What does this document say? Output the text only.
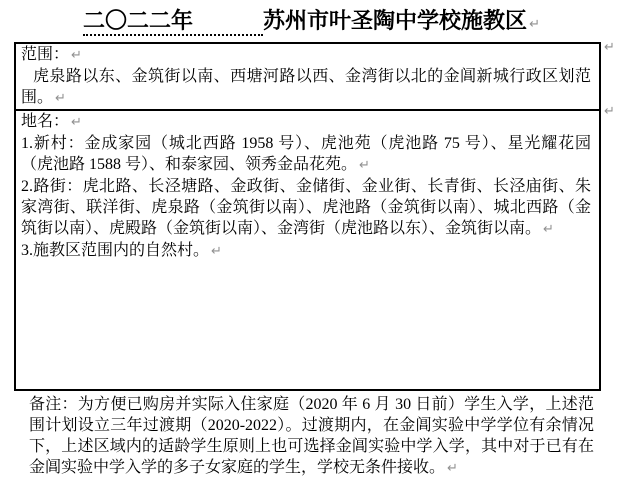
二〇二二年	苏州市叶圣陶中学校施教区 ↵

范围： ↵

虎泉路以东、金筑街以南、西塘河路以西、金湾街以北的金阊新城行政区划范围。 ↵

地名： ↵

1.新村：金成家园（城北西路 1958 号）、虎池苑（虎池路 75 号）、星光耀花园（虎池路 1588 号）、和泰家园、领秀金品花苑。 ↵

2.路街：虎北路、长泾塘路、金政街、金储街、金业街、长青街、长泾庙街、朱家湾街、联洋街、虎泉路（金筑街以南）、虎池路（金筑街以南）、城北西路（金筑街以南）、虎殿路（金筑街以南）、金湾街（虎池路以东）、金筑街以南。 ↵

3.施教区范围内的自然村。 ↵

↵
↵

备注：为方便已购房并实际入住家庭（2020 年 6 月 30 日前）学生入学，上述范围计划设立三年过渡期（2020-2022）。过渡期内，在金阊实验中学学位有余情况下，上述区域内的适龄学生原则上也可选择金阊实验中学入学，其中对于已有在金阊实验中学入学的多子女家庭的学生，学校无条件接收。 ↵
